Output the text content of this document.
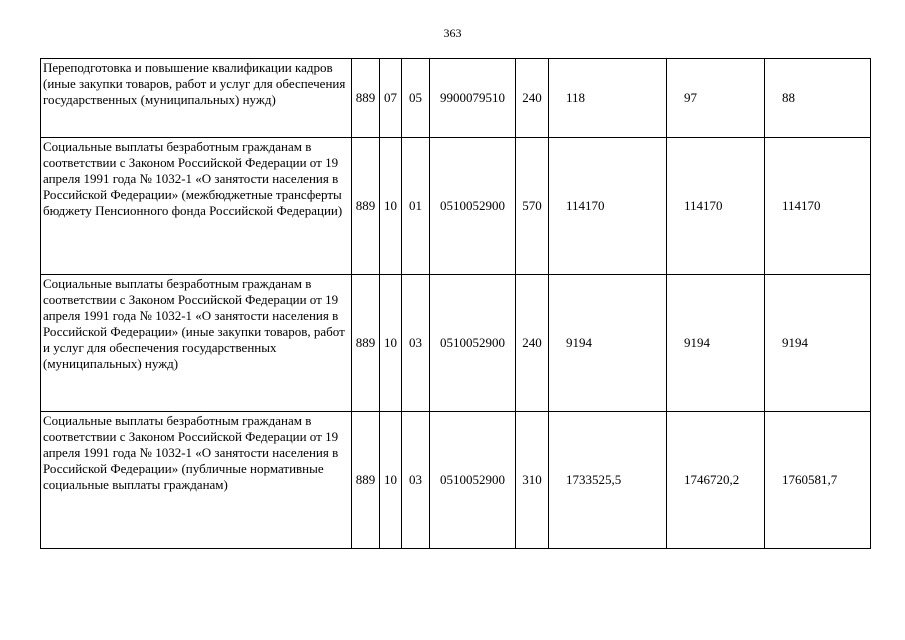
363
Переподготовка и повышение квалификации кадров (иные закупки товаров, работ и услуг для обеспечения государственных (муниципальных) нужд)	889	07	05	9900079510	240	118	97	88
Социальные выплаты безработным гражданам в соответствии с Законом Российской Федерации от 19 апреля 1991 года № 1032-1 «О занятости населения в Российской Федерации» (межбюджетные трансферты бюджету Пенсионного фонда Российской Федерации)	889	10	01	0510052900	570	114170	114170	114170
Социальные выплаты безработным гражданам в соответствии с Законом Российской Федерации от 19 апреля 1991 года № 1032-1 «О занятости населения в Российской Федерации» (иные закупки товаров, работ и услуг для обеспечения государственных (муниципальных) нужд)	889	10	03	0510052900	240	9194	9194	9194
Социальные выплаты безработным гражданам в соответствии с Законом Российской Федерации от 19 апреля 1991 года № 1032-1 «О занятости населения в Российской Федерации» (публичные нормативные социальные выплаты гражданам)	889	10	03	0510052900	310	1733525,5	1746720,2	1760581,7
